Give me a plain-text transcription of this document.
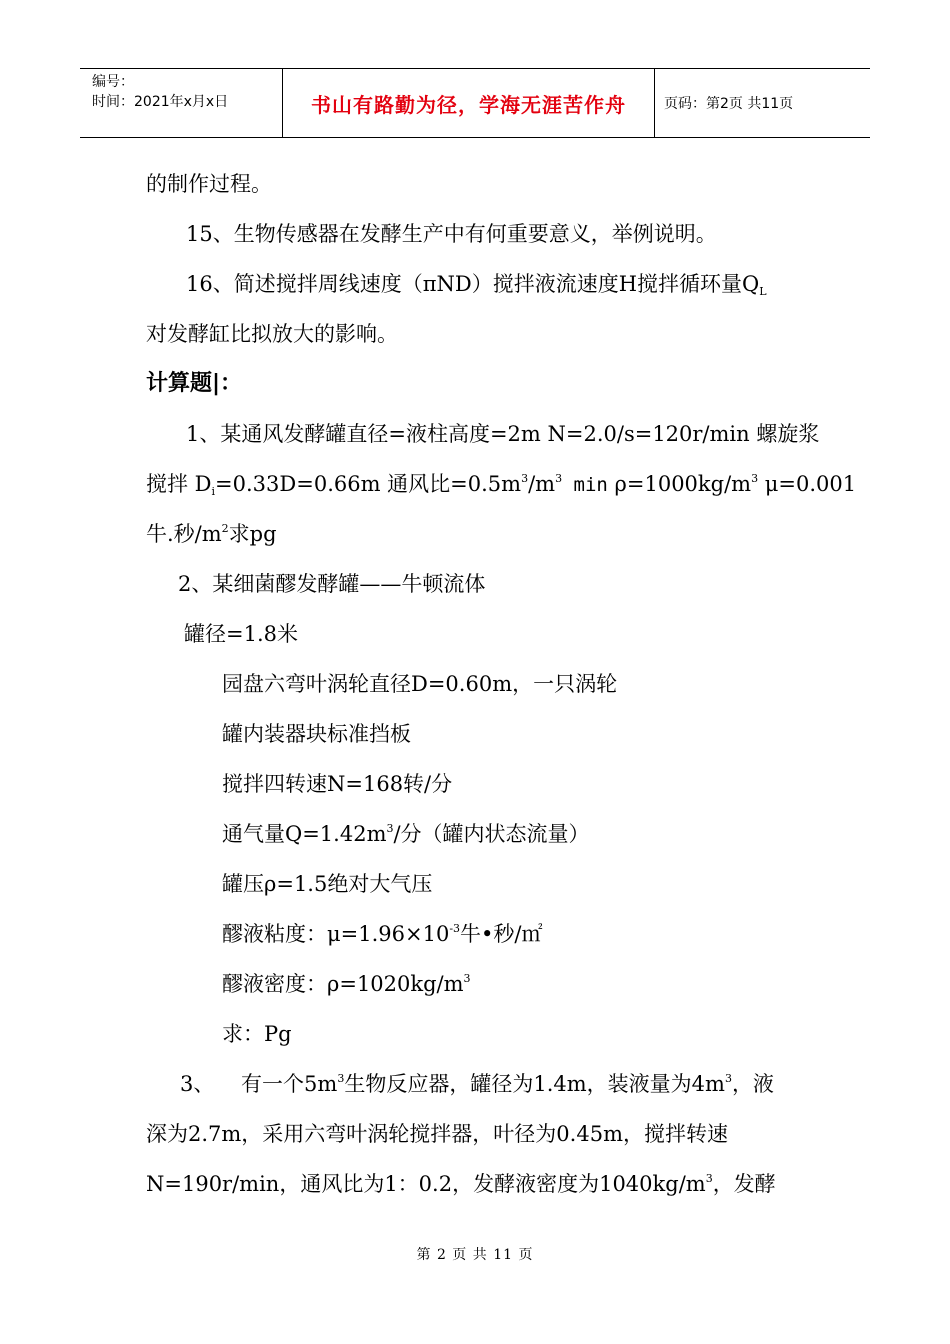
编号：
时间：2021年x月x日	书山有路勤为径，学海无涯苦作舟	页码：第2页 共11页
的制作过程。
15、生物传感器在发酵生产中有何重要意义，举例说明。
16、简述搅拌周线速度（πND）搅拌液流速度H搅拌循环量$Q_L$
对发酵缸比拟放大的影响。
计算题|：
1、某通风发酵罐直径=液柱高度=2m N=2.0/s=120r/min 螺旋浆
搅拌 $D_i=0.33D=0.66m$ 通风比$=0.5m^3/m^3$ $\min \rho=1000kg/m^3$ μ=0.001
牛.秒$/m^2$求pg
2、某细菌醪发酵罐——牛顿流体
罐径=1.8米
园盘六弯叶涡轮直径D=0.60m，一只涡轮
罐内装器块标准挡板
搅拌四转速N=168转/分
通气量$Q=1.42m^3/$分（罐内状态流量）
罐压ρ=1.5绝对大气压
醪液粘度：$\mu=1.96\times 10^{-3}$牛•秒/㎡
醪液密度：$\rho=1020kg/m^3$
求：Pg
3、    有一个$5m^3$生物反应器，罐径为1.4m，装液量为$4m^3$，液
深为2.7m，采用六弯叶涡轮搅拌器，叶径为0.45m，搅拌转速
N=190r/min，通风比为1：0.2，发酵液密度为$1040kg/m^3$，发酵
第 2 页 共 11 页
